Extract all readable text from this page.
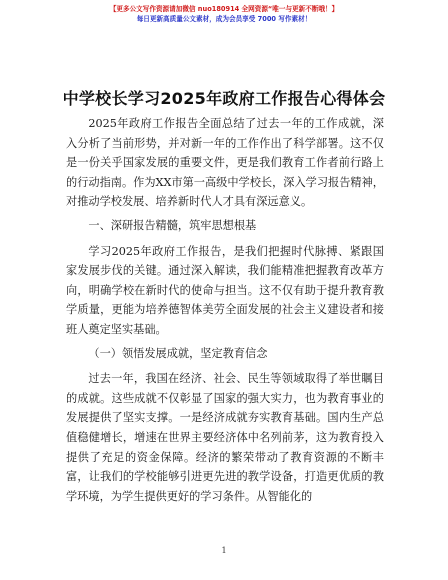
【更多公文写作资源请加微信 nuo180914 全网资源“唯一与更新不断哦！】
每日更新高质量公文素材，成为会员享受 7000 写作素材！
中学校长学习2025年政府工作报告心得体会

2025年政府工作报告全面总结了过去一年的工作成就，深入分析了当前形势，并对新一年的工作作出了科学部署。这不仅是一份关乎国家发展的重要文件，更是我们教育工作者前行路上的行动指南。作为XX市第一高级中学校长，深入学习报告精神，对推动学校发展、培养新时代人才具有深远意义。

一、深研报告精髓，筑牢思想根基

学习2025年政府工作报告，是我们把握时代脉搏、紧跟国家发展步伐的关键。通过深入解读，我们能精准把握教育改革方向，明确学校在新时代的使命与担当。这不仅有助于提升教育教学质量，更能为培养德智体美劳全面发展的社会主义建设者和接班人奠定坚实基础。

（一）领悟发展成就，坚定教育信念

过去一年，我国在经济、社会、民生等领域取得了举世瞩目的成就。这些成就不仅彰显了国家的强大实力，也为教育事业的发展提供了坚实支撑。一是经济成就夯实教育基础。国内生产总值稳健增长，增速在世界主要经济体中名列前茅，这为教育投入提供了充足的资金保障。经济的繁荣带动了教育资源的不断丰富，让我们的学校能够引进更先进的教学设备，打造更优质的教学环境，为学生提供更好的学习条件。从智能化的

1
